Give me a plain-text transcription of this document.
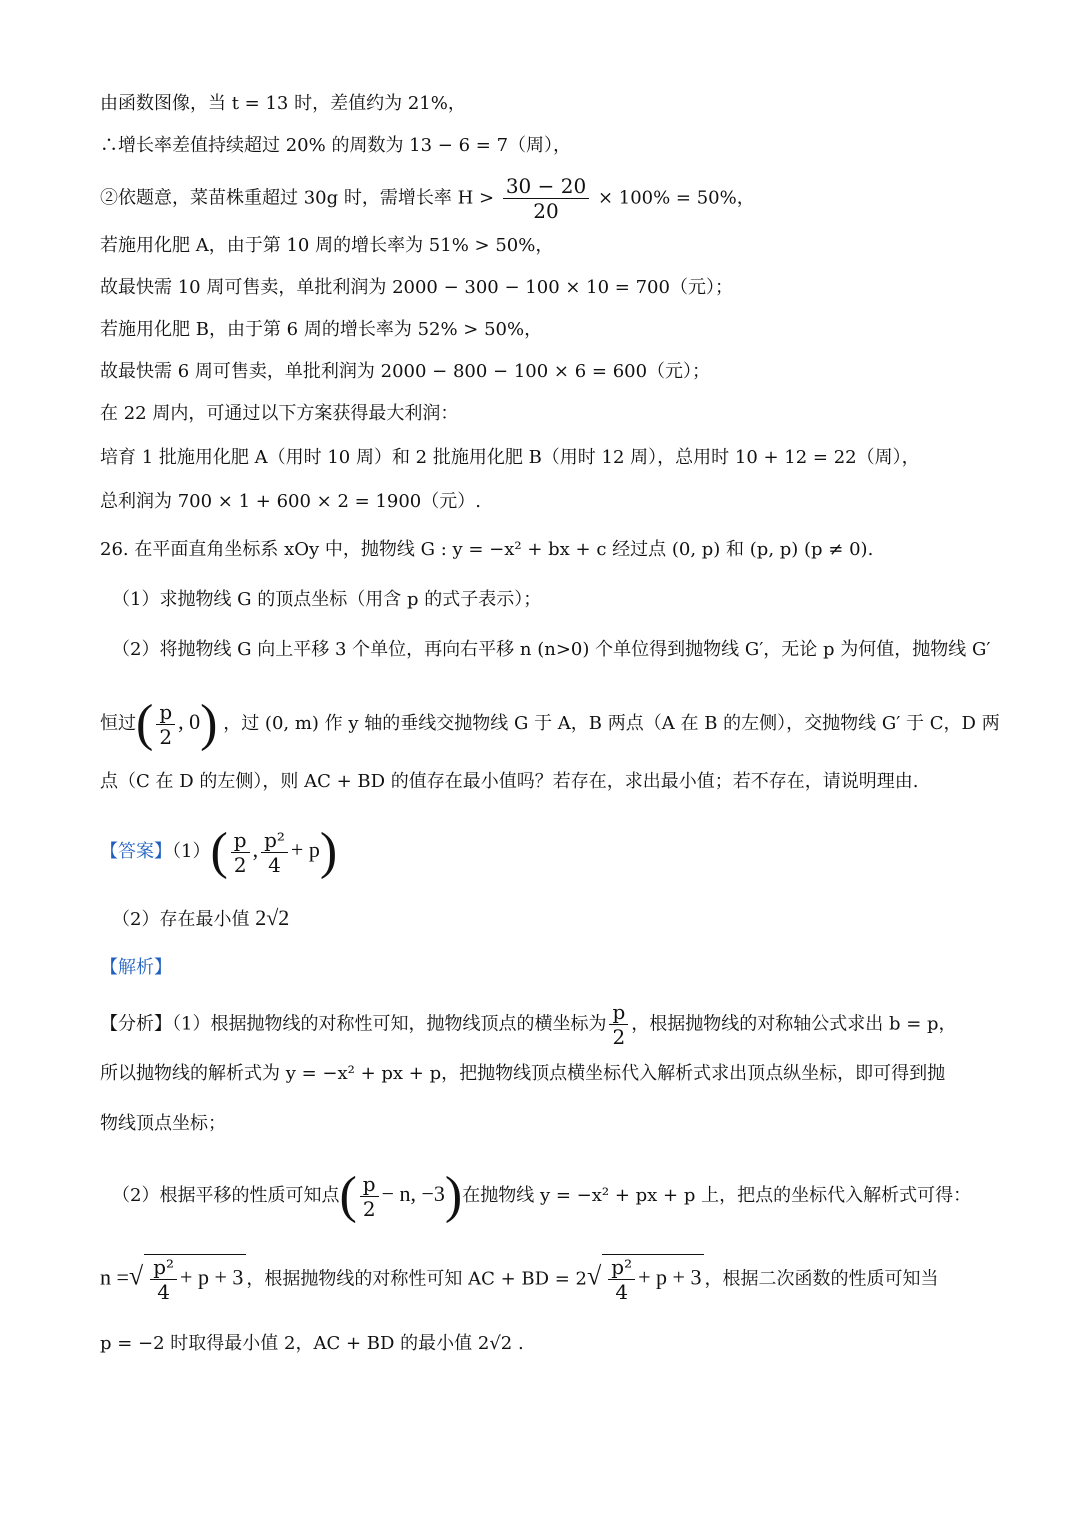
由函数图像，当 t = 13 时，差值约为 21%，
∴增长率差值持续超过 20% 的周数为 13 − 6 = 7（周），
②依题意，菜苗株重超过 30g 时，需增长率 $H > \frac{30 - 20}{20} \times 100\% = 50\%$，
若施用化肥 A，由于第 10 周的增长率为 51% > 50%，
故最快需 10 周可售卖，单批利润为 2000 − 300 − 100 × 10 = 700（元）；
若施用化肥 B，由于第 6 周的增长率为 52% > 50%，
故最快需 6 周可售卖，单批利润为 2000 − 800 − 100 × 6 = 600（元）；
在 22 周内，可通过以下方案获得最大利润：
培育 1 批施用化肥 A（用时 10 周）和 2 批施用化肥 B（用时 12 周），总用时 10 + 12 = 22（周），
总利润为 700 × 1 + 600 × 2 = 1900（元）.
26. 在平面直角坐标系 xOy 中，抛物线 G : y = −x² + bx + c 经过点 (0, p) 和 (p, p) (p ≠ 0).
（1）求抛物线 G 的顶点坐标（用含 p 的式子表示）；
（2）将抛物线 G 向上平移 3 个单位，再向右平移 n (n>0) 个单位得到抛物线 G′，无论 p 为何值，抛物线 G′
恒过( $\frac{p}{2}$ , 0) ，过 (0, m) 作 y 轴的垂线交抛物线 G 于 A，B 两点（A 在 B 的左侧），交抛物线 G′ 于 C，D 两
点（C 在 D 的左侧），则 AC + BD 的值存在最小值吗？若存在，求出最小值；若不存在，请说明理由.
【答案】$(1)( \frac{p}{2}$ , $\frac{\text{p²}}{4} + p$)
（2）存在最小值 2√2
【解析】
【分析】（1）根据抛物线的对称性可知，抛物线顶点的横坐标为 $\frac{p}{2}$ ，根据抛物线的对称轴公式求出 b = p，
所以抛物线的解析式为 y = −x² + px + p，把抛物线顶点横坐标代入解析式求出顶点纵坐标，即可得到抛
物线顶点坐标；
（2）根据平移的性质可知点( $\frac{p}{2} - n$, −3)在抛物线 y = −x² + px + p 上，把点的坐标代入解析式可得：
n =√ $\frac{\text{p²}}{4} + p + 3$ ，根据抛物线的对称性可知 AC + BD = $2√ \frac{\text{p²}}{4} + p + 3$ ，根据二次函数的性质可知当
p = −2 时取得最小值 2，AC + BD 的最小值 2√2 .
